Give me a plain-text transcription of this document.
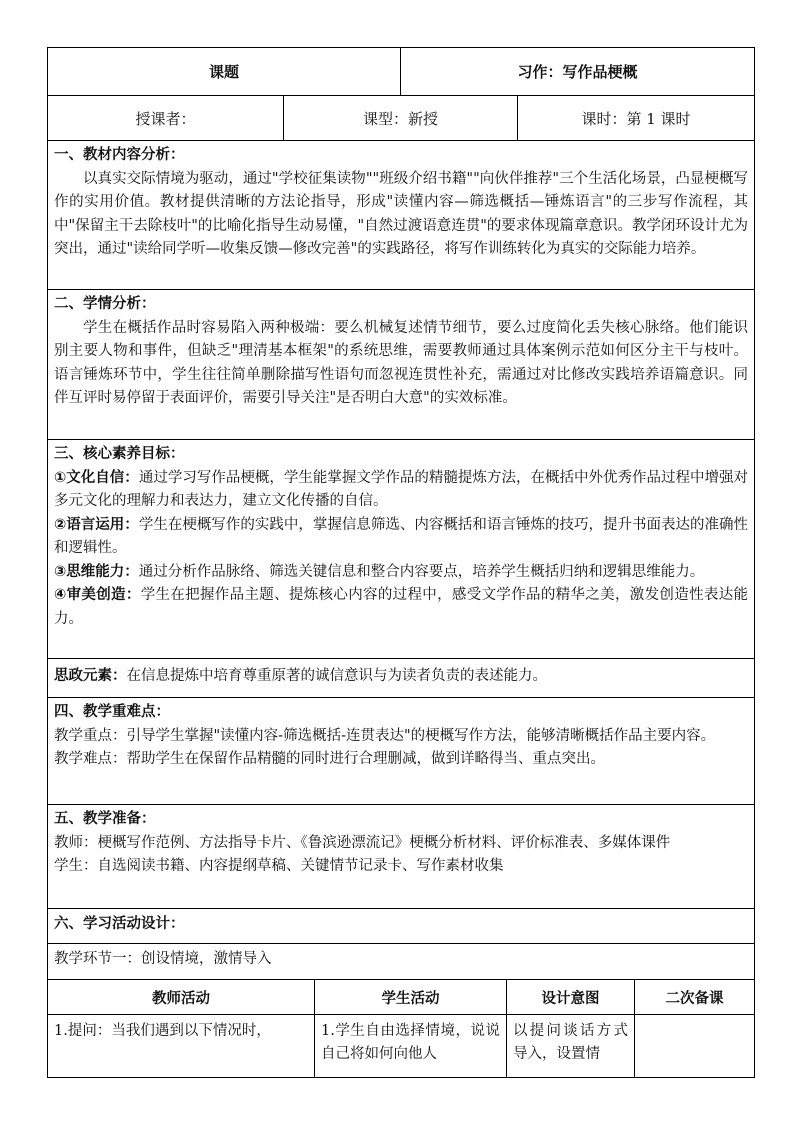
课题		习作：写作品梗概	
授课者：	课型：新授		课时：第 1 课时

一、教材内容分析：

以真实交际情境为驱动，通过"学校征集读物""班级介绍书籍""向伙伴推荐"三个生活化场景，凸显梗概写作的实用价值。教材提供清晰的方法论指导，形成"读懂内容—筛选概括—锤炼语言"的三步写作流程，其中"保留主干去除枝叶"的比喻化指导生动易懂，"自然过渡语意连贯"的要求体现篇章意识。教学闭环设计尤为突出，通过"读给同学听—收集反馈—修改完善"的实践路径，将写作训练转化为真实的交际能力培养。			

二、学情分析：

学生在概括作品时容易陷入两种极端：要么机械复述情节细节，要么过度简化丢失核心脉络。他们能识别主要人物和事件，但缺乏"理清基本框架"的系统思维，需要教师通过具体案例示范如何区分主干与枝叶。语言锤炼环节中，学生往往简单删除描写性语句而忽视连贯性补充，需通过对比修改实践培养语篇意识。同伴互评时易停留于表面评价，需要引导关注"是否明白大意"的实效标准。			

三、核心素养目标：

①文化自信：通过学习写作品梗概，学生能掌握文学作品的精髓提炼方法，在概括中外优秀作品过程中增强对多元文化的理解力和表达力，建立文化传播的自信。

②语言运用：学生在梗概写作的实践中，掌握信息筛选、内容概括和语言锤炼的技巧，提升书面表达的准确性和逻辑性。

③思维能力：通过分析作品脉络、筛选关键信息和整合内容要点，培养学生概括归纳和逻辑思维能力。

④审美创造：学生在把握作品主题、提炼核心内容的过程中，感受文学作品的精华之美，激发创造性表达能力。			

思政元素：在信息提炼中培育尊重原著的诚信意识与为读者负责的表述能力。			

四、教学重难点：

教学重点：引导学生掌握"读懂内容-筛选概括-连贯表达"的梗概写作方法，能够清晰概括作品主要内容。

教学难点：帮助学生在保留作品精髓的同时进行合理删减，做到详略得当、重点突出。			

五、教学准备：

教师：梗概写作范例、方法指导卡片、《鲁滨逊漂流记》梗概分析材料、评价标准表、多媒体课件

学生：自选阅读书籍、内容提纲草稿、关键情节记录卡、写作素材收集			

六、学习活动设计：			

教学环节一：创设情境，激情导入			

教师活动	学生活动	设计意图	二次备课
1.提问：当我们遇到以下情况时，	1.学生自由选择情境，说说自己将如何向他人	以提问谈话方式导入，设置情	
